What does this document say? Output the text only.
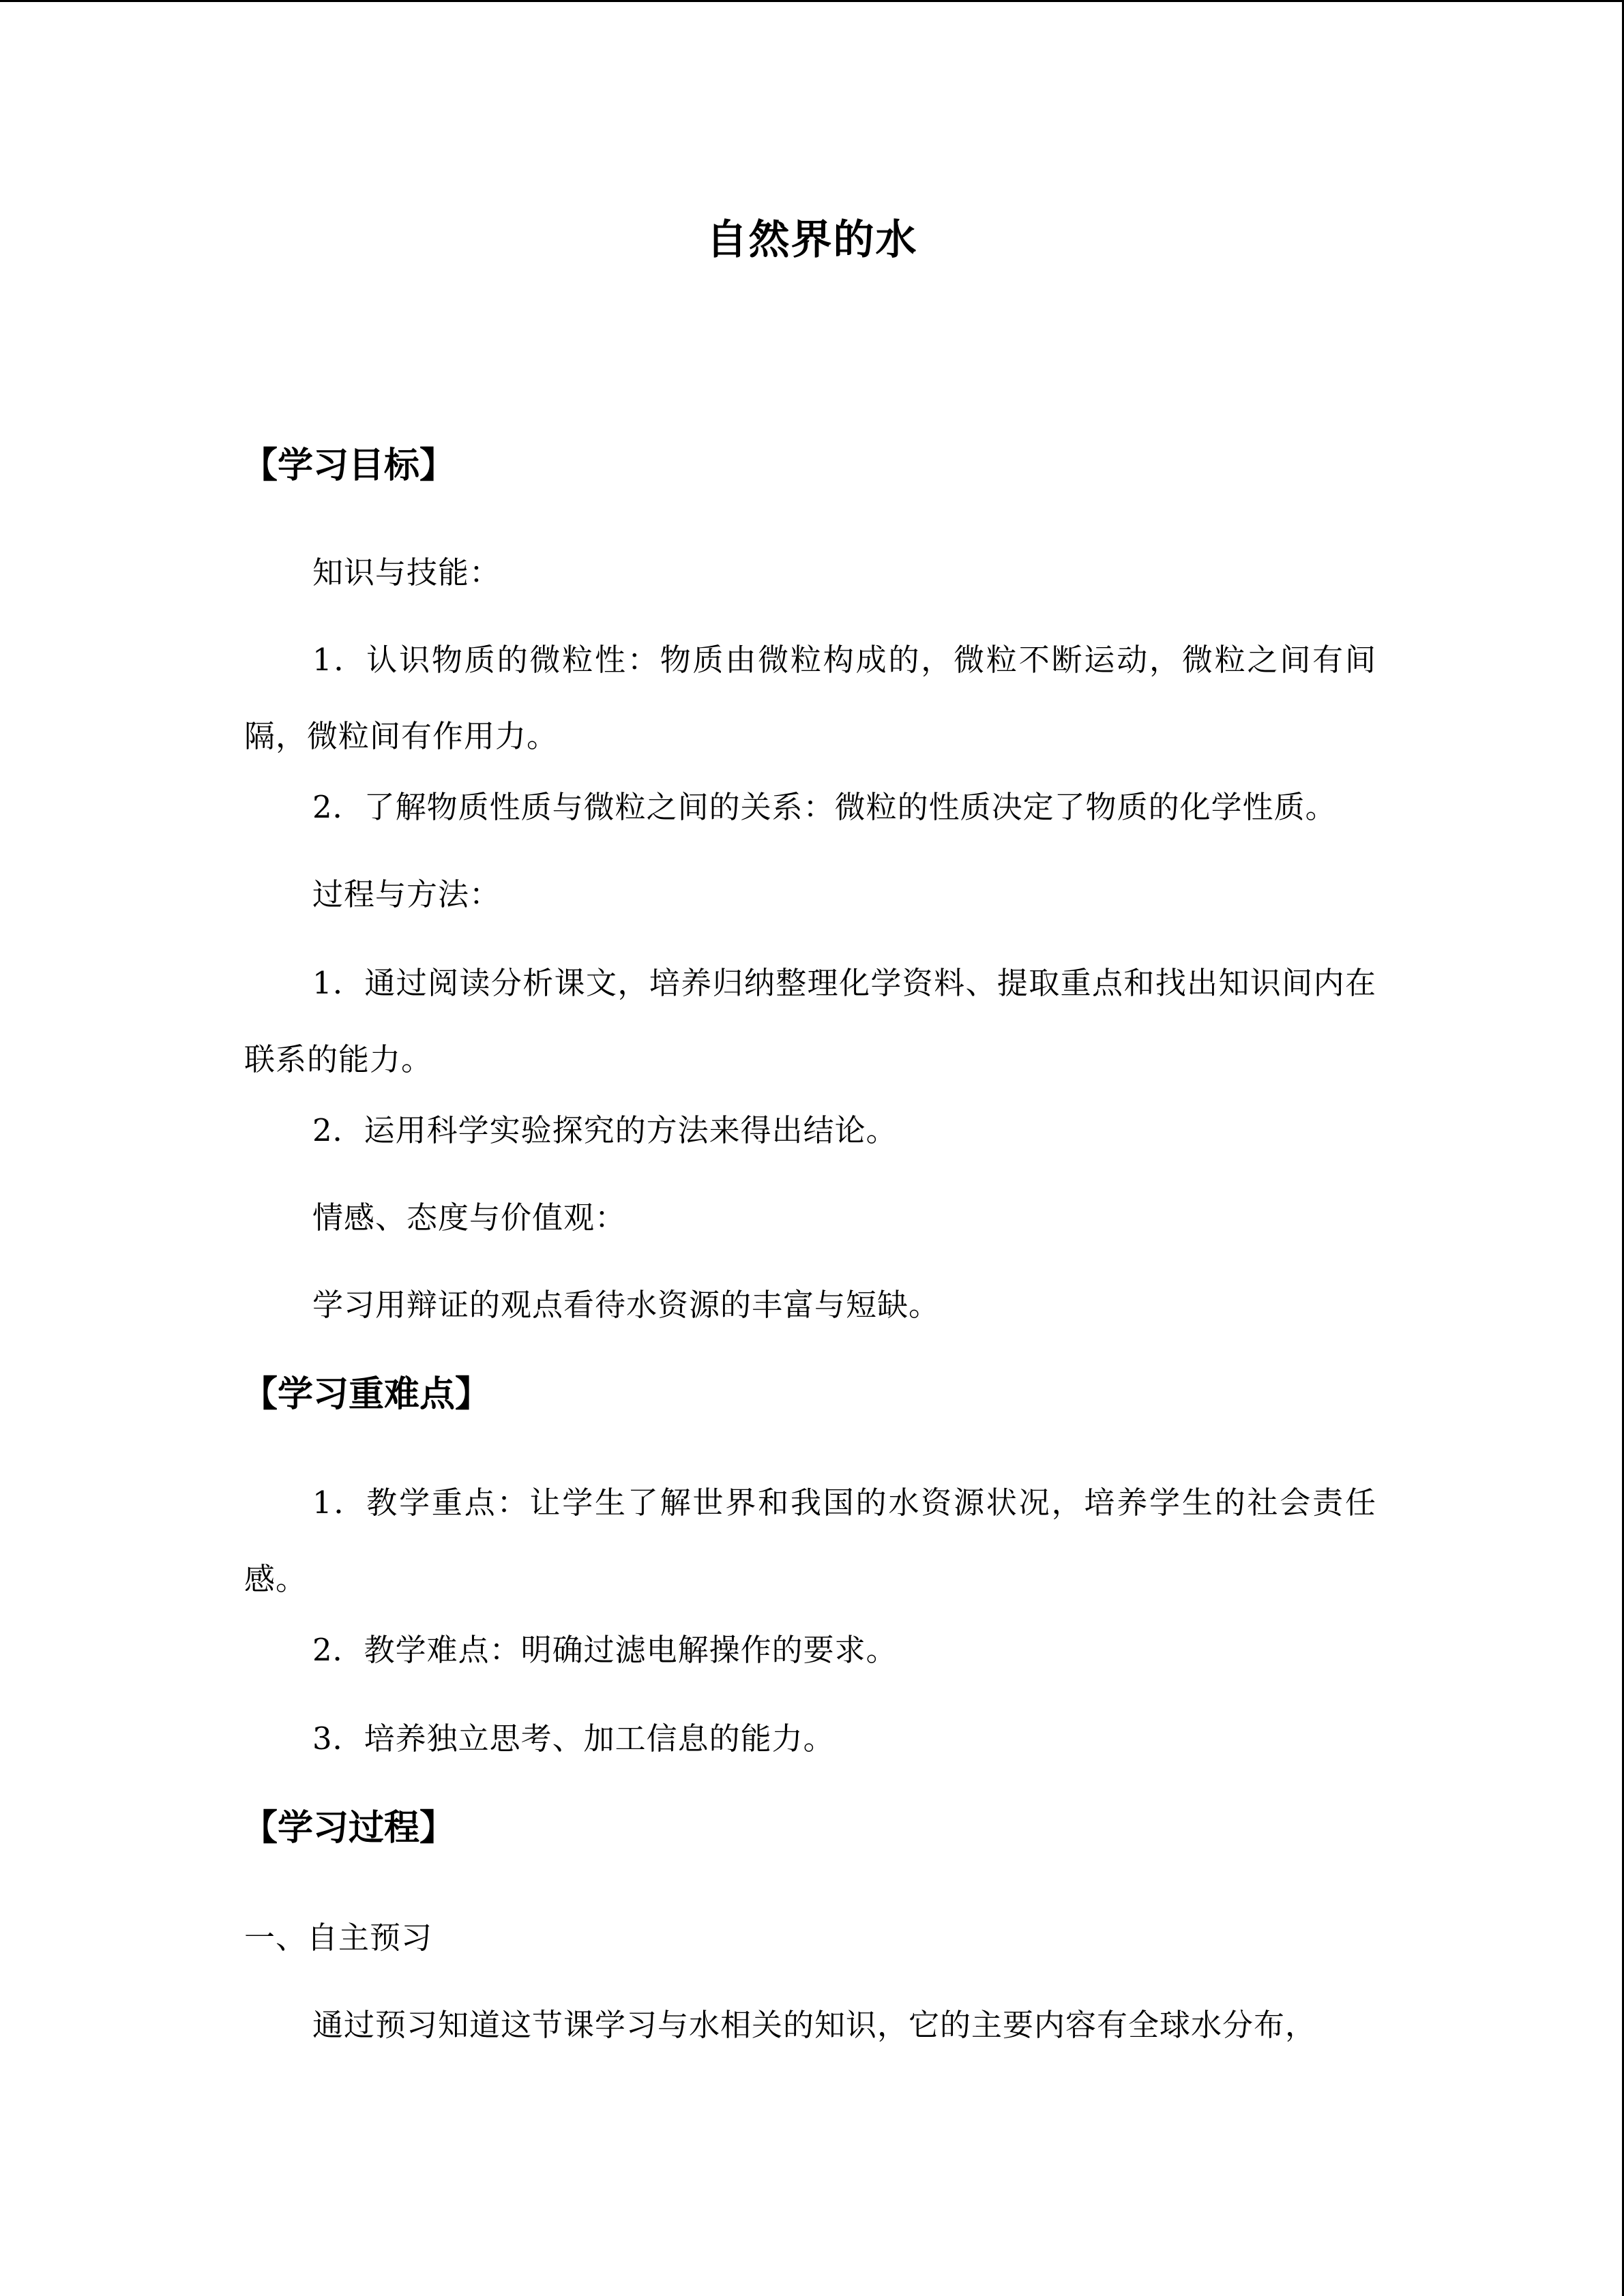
自然界的水
【学习目标】
知识与技能：
1．认识物质的微粒性：物质由微粒构成的，微粒不断运动，微粒之间有间隔，微粒间有作用力。
2．了解物质性质与微粒之间的关系：微粒的性质决定了物质的化学性质。
过程与方法：
1．通过阅读分析课文，培养归纳整理化学资料、提取重点和找出知识间内在联系的能力。
2．运用科学实验探究的方法来得出结论。
情感、态度与价值观：
学习用辩证的观点看待水资源的丰富与短缺。
【学习重难点】
1．教学重点：让学生了解世界和我国的水资源状况，培养学生的社会责任感。
2．教学难点：明确过滤电解操作的要求。
3．培养独立思考、加工信息的能力。
【学习过程】
一、自主预习
通过预习知道这节课学习与水相关的知识，它的主要内容有全球水分布，
